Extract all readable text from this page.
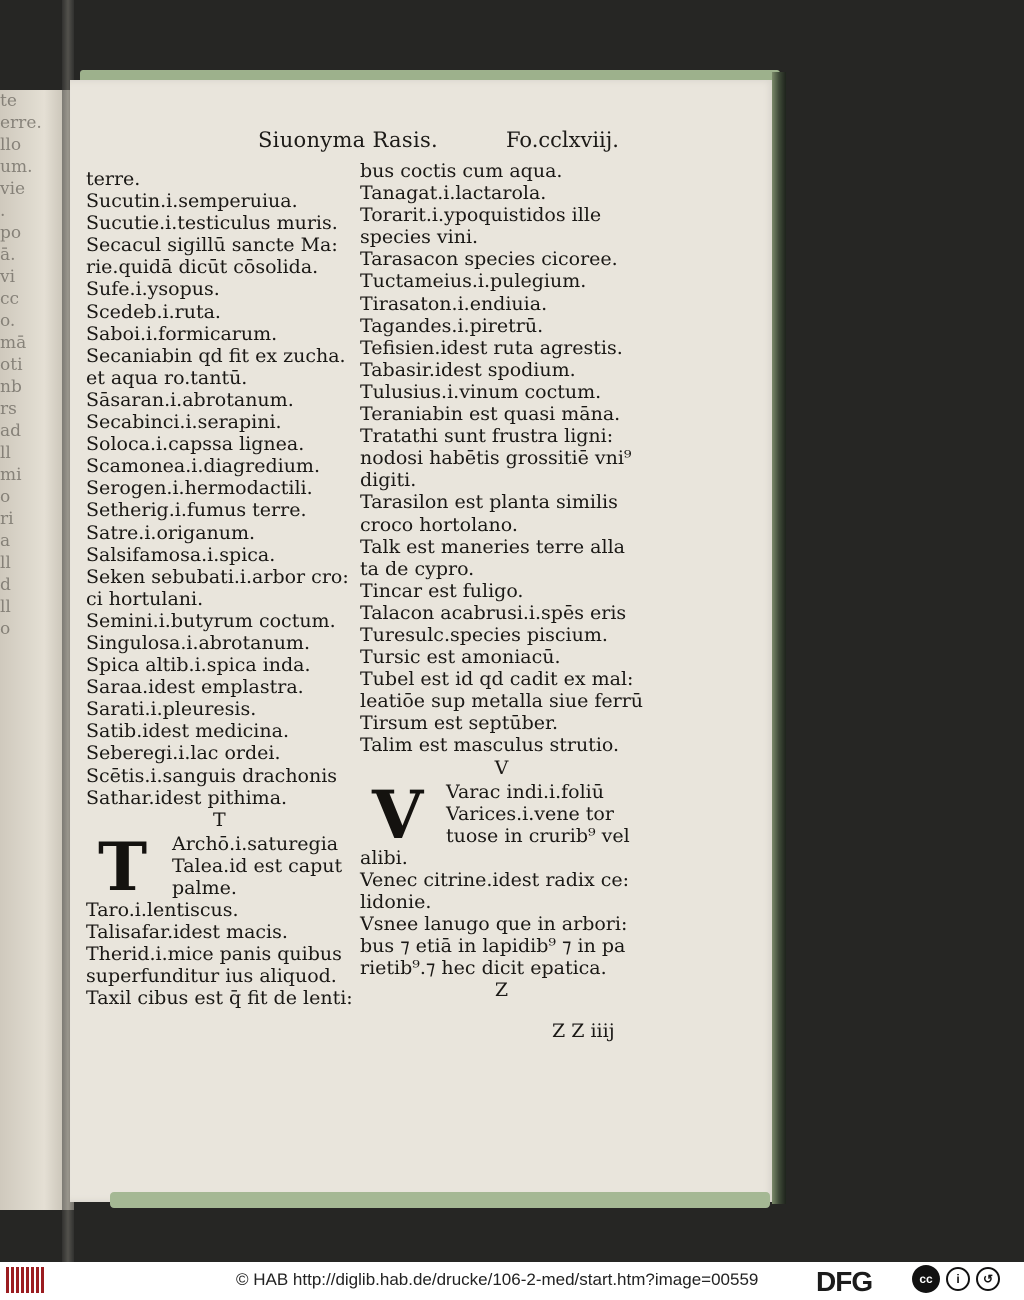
te
erre.
llo
um.
vie
.
po
ā.
vi
cc
o.
mā
oti
nb
rs
ad
ll
mi
o
ri
a
ll
d
ll
o
Siuonyma Rasis.	Fo.cclxviij.
terre.
Sucutin.i.semperuiua.
Sucutie.i.testiculus muris.
Secacul sigillū sancte Ma:
rie.quidā dicūt cōsolida.
Sufe.i.ysopus.
Scedeb.i.ruta.
Saboi.i.formicarum.
Secaniabin qd fit ex zucha.
et aqua ro.tantū.
Sāsaran.i.abrotanum.
Secabinci.i.serapini.
Soloca.i.capssa lignea.
Scamonea.i.diagredium.
Serogen.i.hermodactili.
Setherig.i.fumus terre.
Satre.i.origanum.
Salsifamosa.i.spica.
Seken sebubati.i.arbor cro:
ci hortulani.
Semini.i.butyrum coctum.
Singulosa.i.abrotanum.
Spica altib.i.spica inda.
Saraa.idest emplastra.
Sarati.i.pleuresis.
Satib.idest medicina.
Seberegi.i.lac ordei.
Scētis.i.sanguis drachonis
Sathar.idest pithima.
T
T	Archō.i.saturegia
Talea.id est caput
palme.
Taro.i.lentiscus.
Talisafar.idest macis.
Therid.i.mice panis quibus
superfunditur ius aliquod.
Taxil cibus est q̄ fit de lenti:
bus coctis cum aqua.
Tanagat.i.lactarola.
Torarit.i.ypoquistidos ille
species vini.
Tarasacon species cicoree.
Tuctameius.i.pulegium.
Tirasaton.i.endiuia.
Tagandes.i.piretrū.
Tefisien.idest ruta agrestis.
Tabasir.idest spodium.
Tulusius.i.vinum coctum.
Teraniabin est quasi māna.
Tratathi sunt frustra ligni:
nodosi habētis grossitiē vni⁹
digiti.
Tarasilon est planta similis
croco hortolano.
Talk est maneries terre alla
ta de cypro.
Tincar est fuligo.
Talacon acabrusi.i.spēs eris
Turesulc.species piscium.
Tursic est amoniacū.
Tubel est id qd cadit ex mal:
leatiōe sup metalla siue ferrū
Tirsum est septūber.
Talim est masculus strutio.
V
V	Varac indi.i.foliū
Varices.i.vene tor
tuose in crurib⁹ vel
alibi.
Venec citrine.idest radix ce:
lidonie.
Vsnee lanugo que in arbori:
bus ⁊ etiā in lapidib⁹ ⁊ in pa
rietib⁹.⁊ hec dicit epatica.
Z
Z Z iiij
© HAB http://diglib.hab.de/drucke/106-2-med/start.htm?image=00559 DFG	cc	i	↺
